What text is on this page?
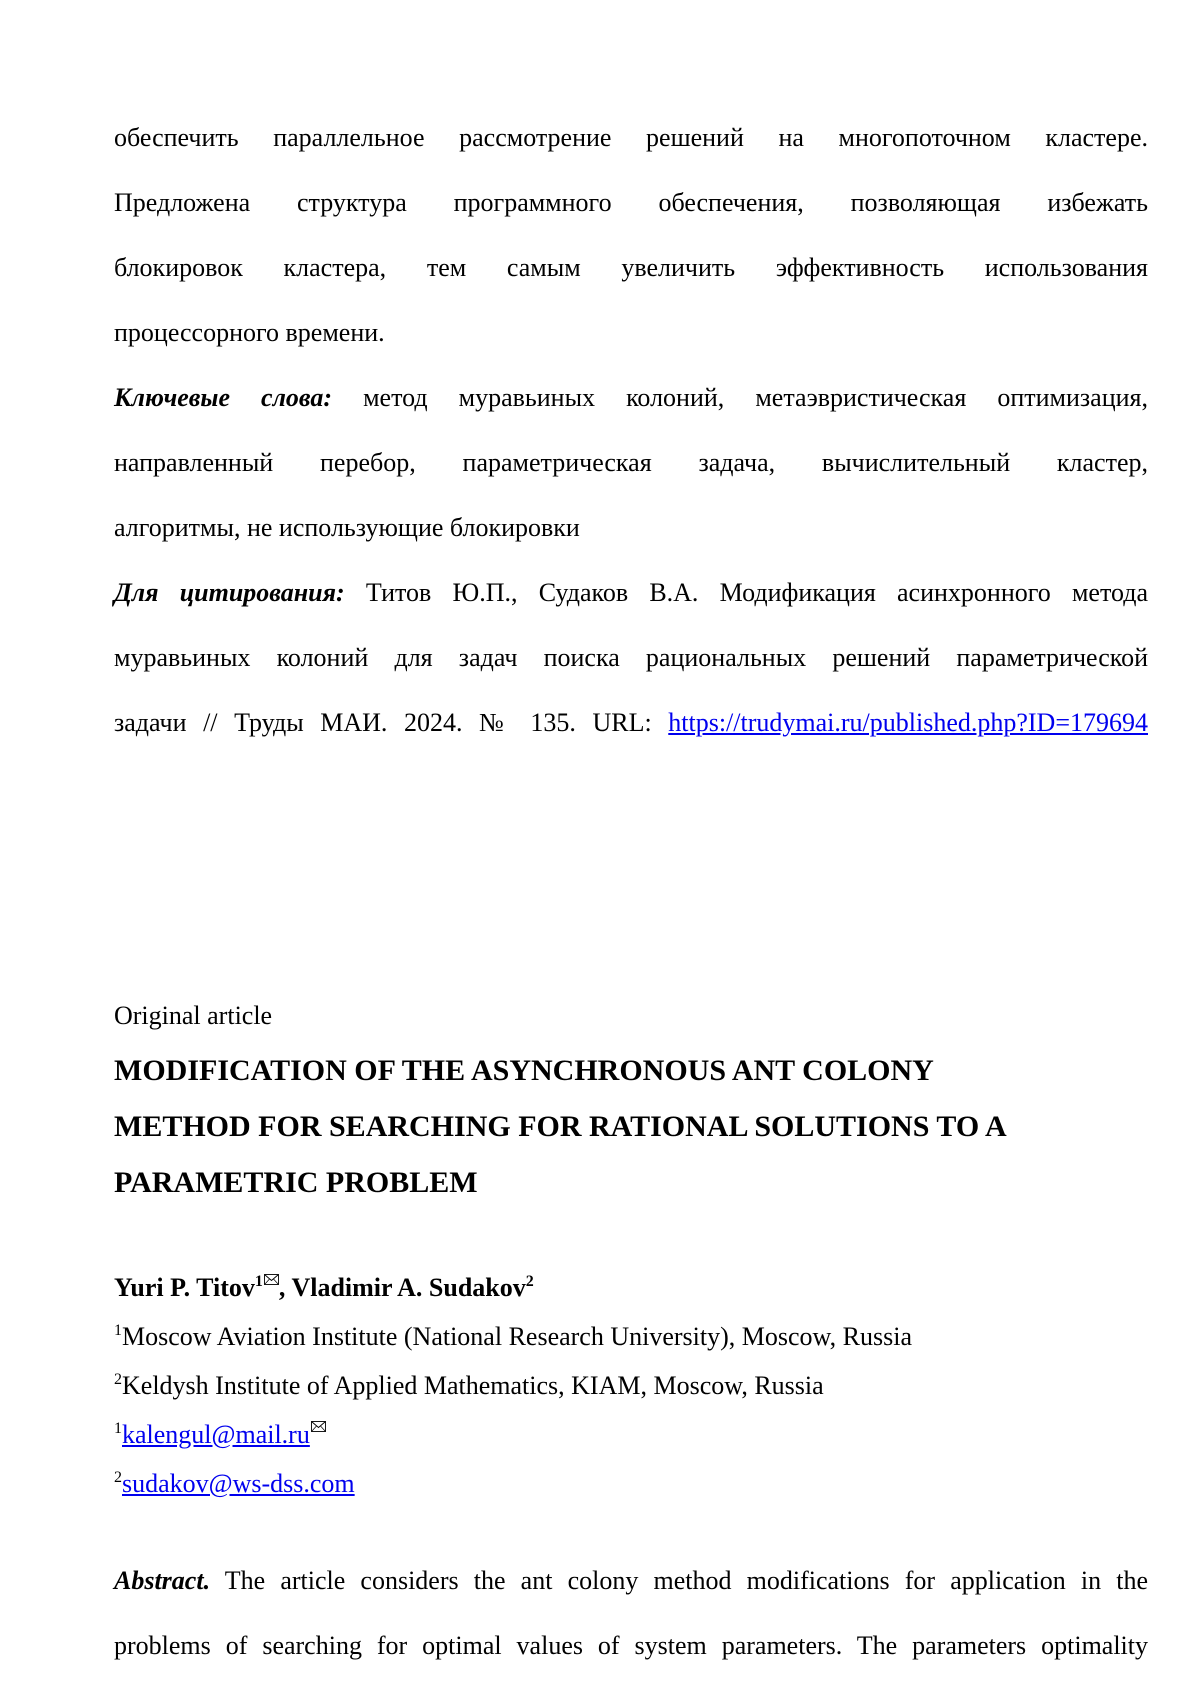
обеспечить параллельное рассмотрение решений на многопоточном кластере.

Предложена структура программного обеспечения, позволяющая избежать

блокировок кластера, тем самым увеличить эффективность использования

процессорного времени.

Ключевые слова: метод муравьиных колоний, метаэвристическая оптимизация,

направленный перебор, параметрическая задача, вычислительный кластер,

алгоритмы, не использующие блокировки

Для цитирования: Титов Ю.П., Судаков В.А. Модификация асинхронного метода

муравьиных колоний для задач поиска рациональных решений параметрической

задачи // Труды МАИ. 2024. № 135. URL: https://trudymai.ru/published.php?ID=179694

Original article
MODIFICATION OF THE ASYNCHRONOUS ANT COLONY
METHOD FOR SEARCHING FOR RATIONAL SOLUTIONS TO A
PARAMETRIC PROBLEM
Yuri P. Titov1 , Vladimir A. Sudakov2
1Moscow Aviation Institute (National Research University), Moscow, Russia
2Keldysh Institute of Applied Mathematics, KIAM, Moscow, Russia
1kalengul@mail.ru
2sudakov@ws-dss.com

Abstract. The article considers the ant colony method modifications for application in the

problems of searching for optimal values of system parameters. The parameters optimality
